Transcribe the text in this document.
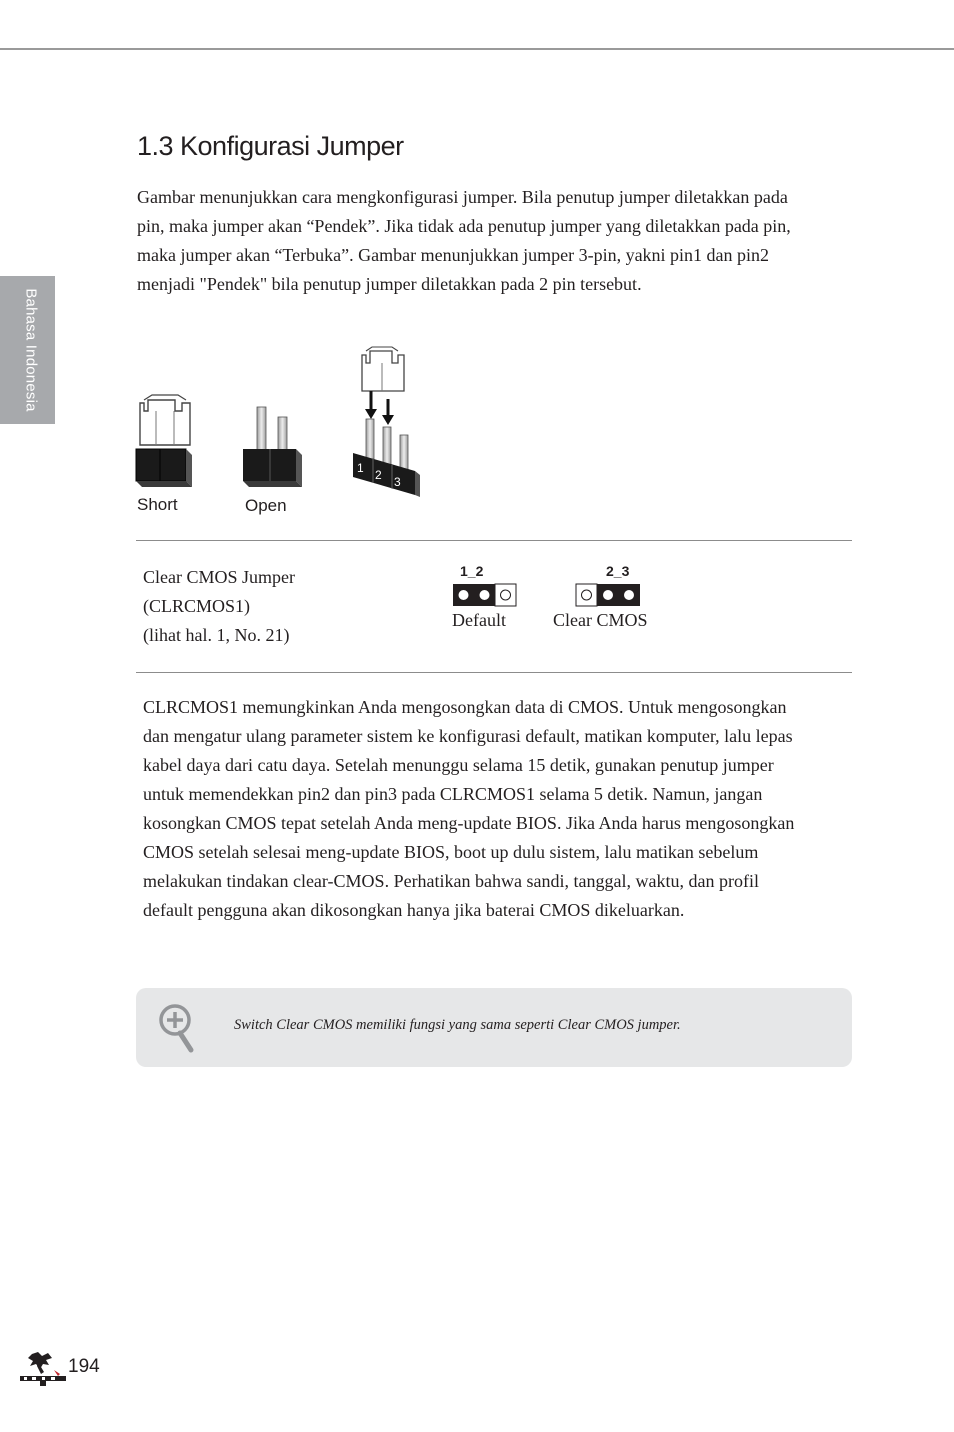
Bahasa Indonesia
1.3 Konfigurasi Jumper

Gambar menunjukkan cara mengkonfigurasi jumper. Bila penutup jumper diletakkan pada pin, maka jumper akan “Pendek”. Jika tidak ada penutup jumper yang diletakkan pada pin, maka jumper akan “Terbuka”. Gambar menunjukkan jumper 3-pin, yakni pin1 dan pin2 menjadi "Pendek" bila penutup jumper diletakkan pada 2 pin tersebut.

1 2 3
Short	Open
Clear CMOS Jumper
(CLRCMOS1)
(lihat hal. 1, No. 21)
1_2
Default
2_3
Clear CMOS

CLRCMOS1 memungkinkan Anda mengosongkan data di CMOS. Untuk mengosongkan dan mengatur ulang parameter sistem ke konfigurasi default, matikan komputer, lalu lepas kabel daya dari catu daya. Setelah menunggu selama 15 detik, gunakan penutup jumper untuk memendekkan pin2 dan pin3 pada CLRCMOS1 selama 5 detik. Namun, jangan kosongkan CMOS tepat setelah Anda meng-update BIOS. Jika Anda harus mengosongkan CMOS setelah selesai meng-update BIOS, boot up dulu sistem, lalu matikan sebelum melakukan tindakan clear-CMOS. Perhatikan bahwa sandi, tanggal, waktu, dan profil default pengguna akan dikosongkan hanya jika baterai CMOS dikeluarkan.

Switch Clear CMOS memiliki fungsi yang sama seperti Clear CMOS jumper.
194
